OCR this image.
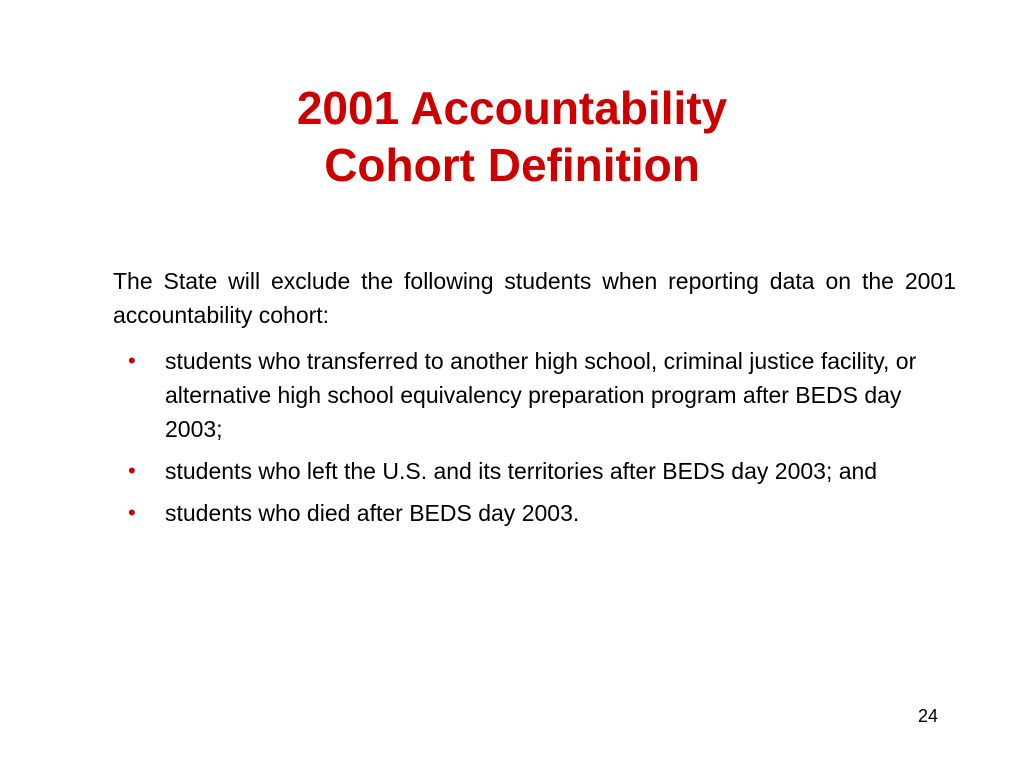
2001 Accountability
Cohort Definition

The State will exclude the following students when reporting data on the 2001 accountability cohort:

• students who transferred to another high school, criminal justice facility, or alternative high school equivalency preparation program after BEDS day 2003;
• students who left the U.S. and its territories after BEDS day 2003; and
• students who died after BEDS day 2003.
24
